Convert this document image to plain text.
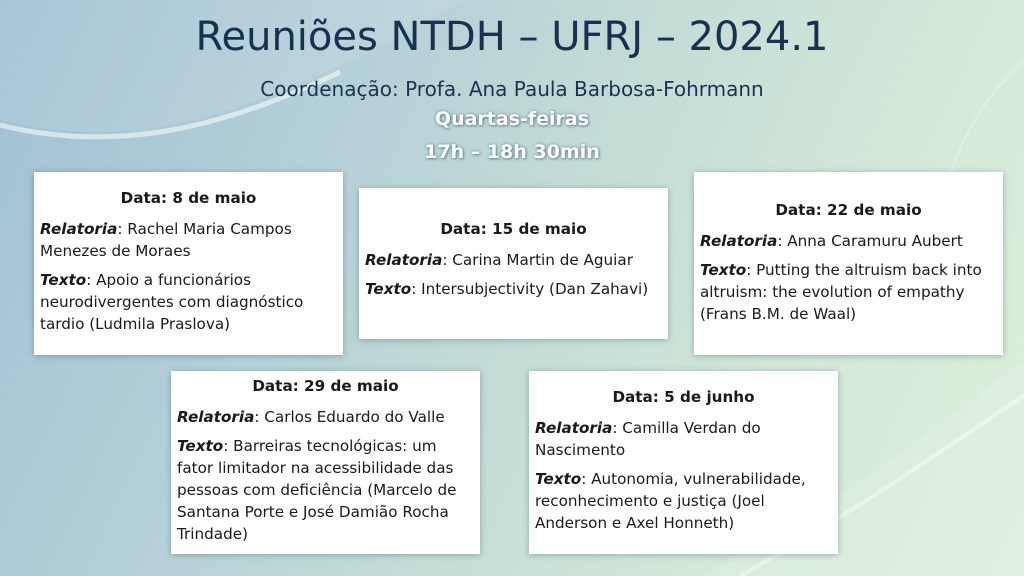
Reuniões NTDH – UFRJ – 2024.1
Coordenação: Profa. Ana Paula Barbosa-Fohrmann
Quartas-feiras
17h – 18h 30min
Data: 8 de maio

Relatoria: Rachel Maria Campos Menezes de Moraes

Texto: Apoio a funcionários neurodivergentes com diagnóstico tardio (Ludmila Praslova)

Data: 15 de maio

Relatoria: Carina Martin de Aguiar

Texto: Intersubjectivity (Dan Zahavi)

Data: 22 de maio

Relatoria: Anna Caramuru Aubert

Texto: Putting the altruism back into altruism: the evolution of empathy (Frans B.M. de Waal)

Data: 29 de maio

Relatoria: Carlos Eduardo do Valle

Texto: Barreiras tecnológicas: um fator limitador na acessibilidade das pessoas com deficiência (Marcelo de Santana Porte e José Damião Rocha Trindade)

Data: 5 de junho

Relatoria: Camilla Verdan do Nascimento

Texto: Autonomia, vulnerabilidade, reconhecimento e justiça (Joel Anderson e Axel Honneth)
